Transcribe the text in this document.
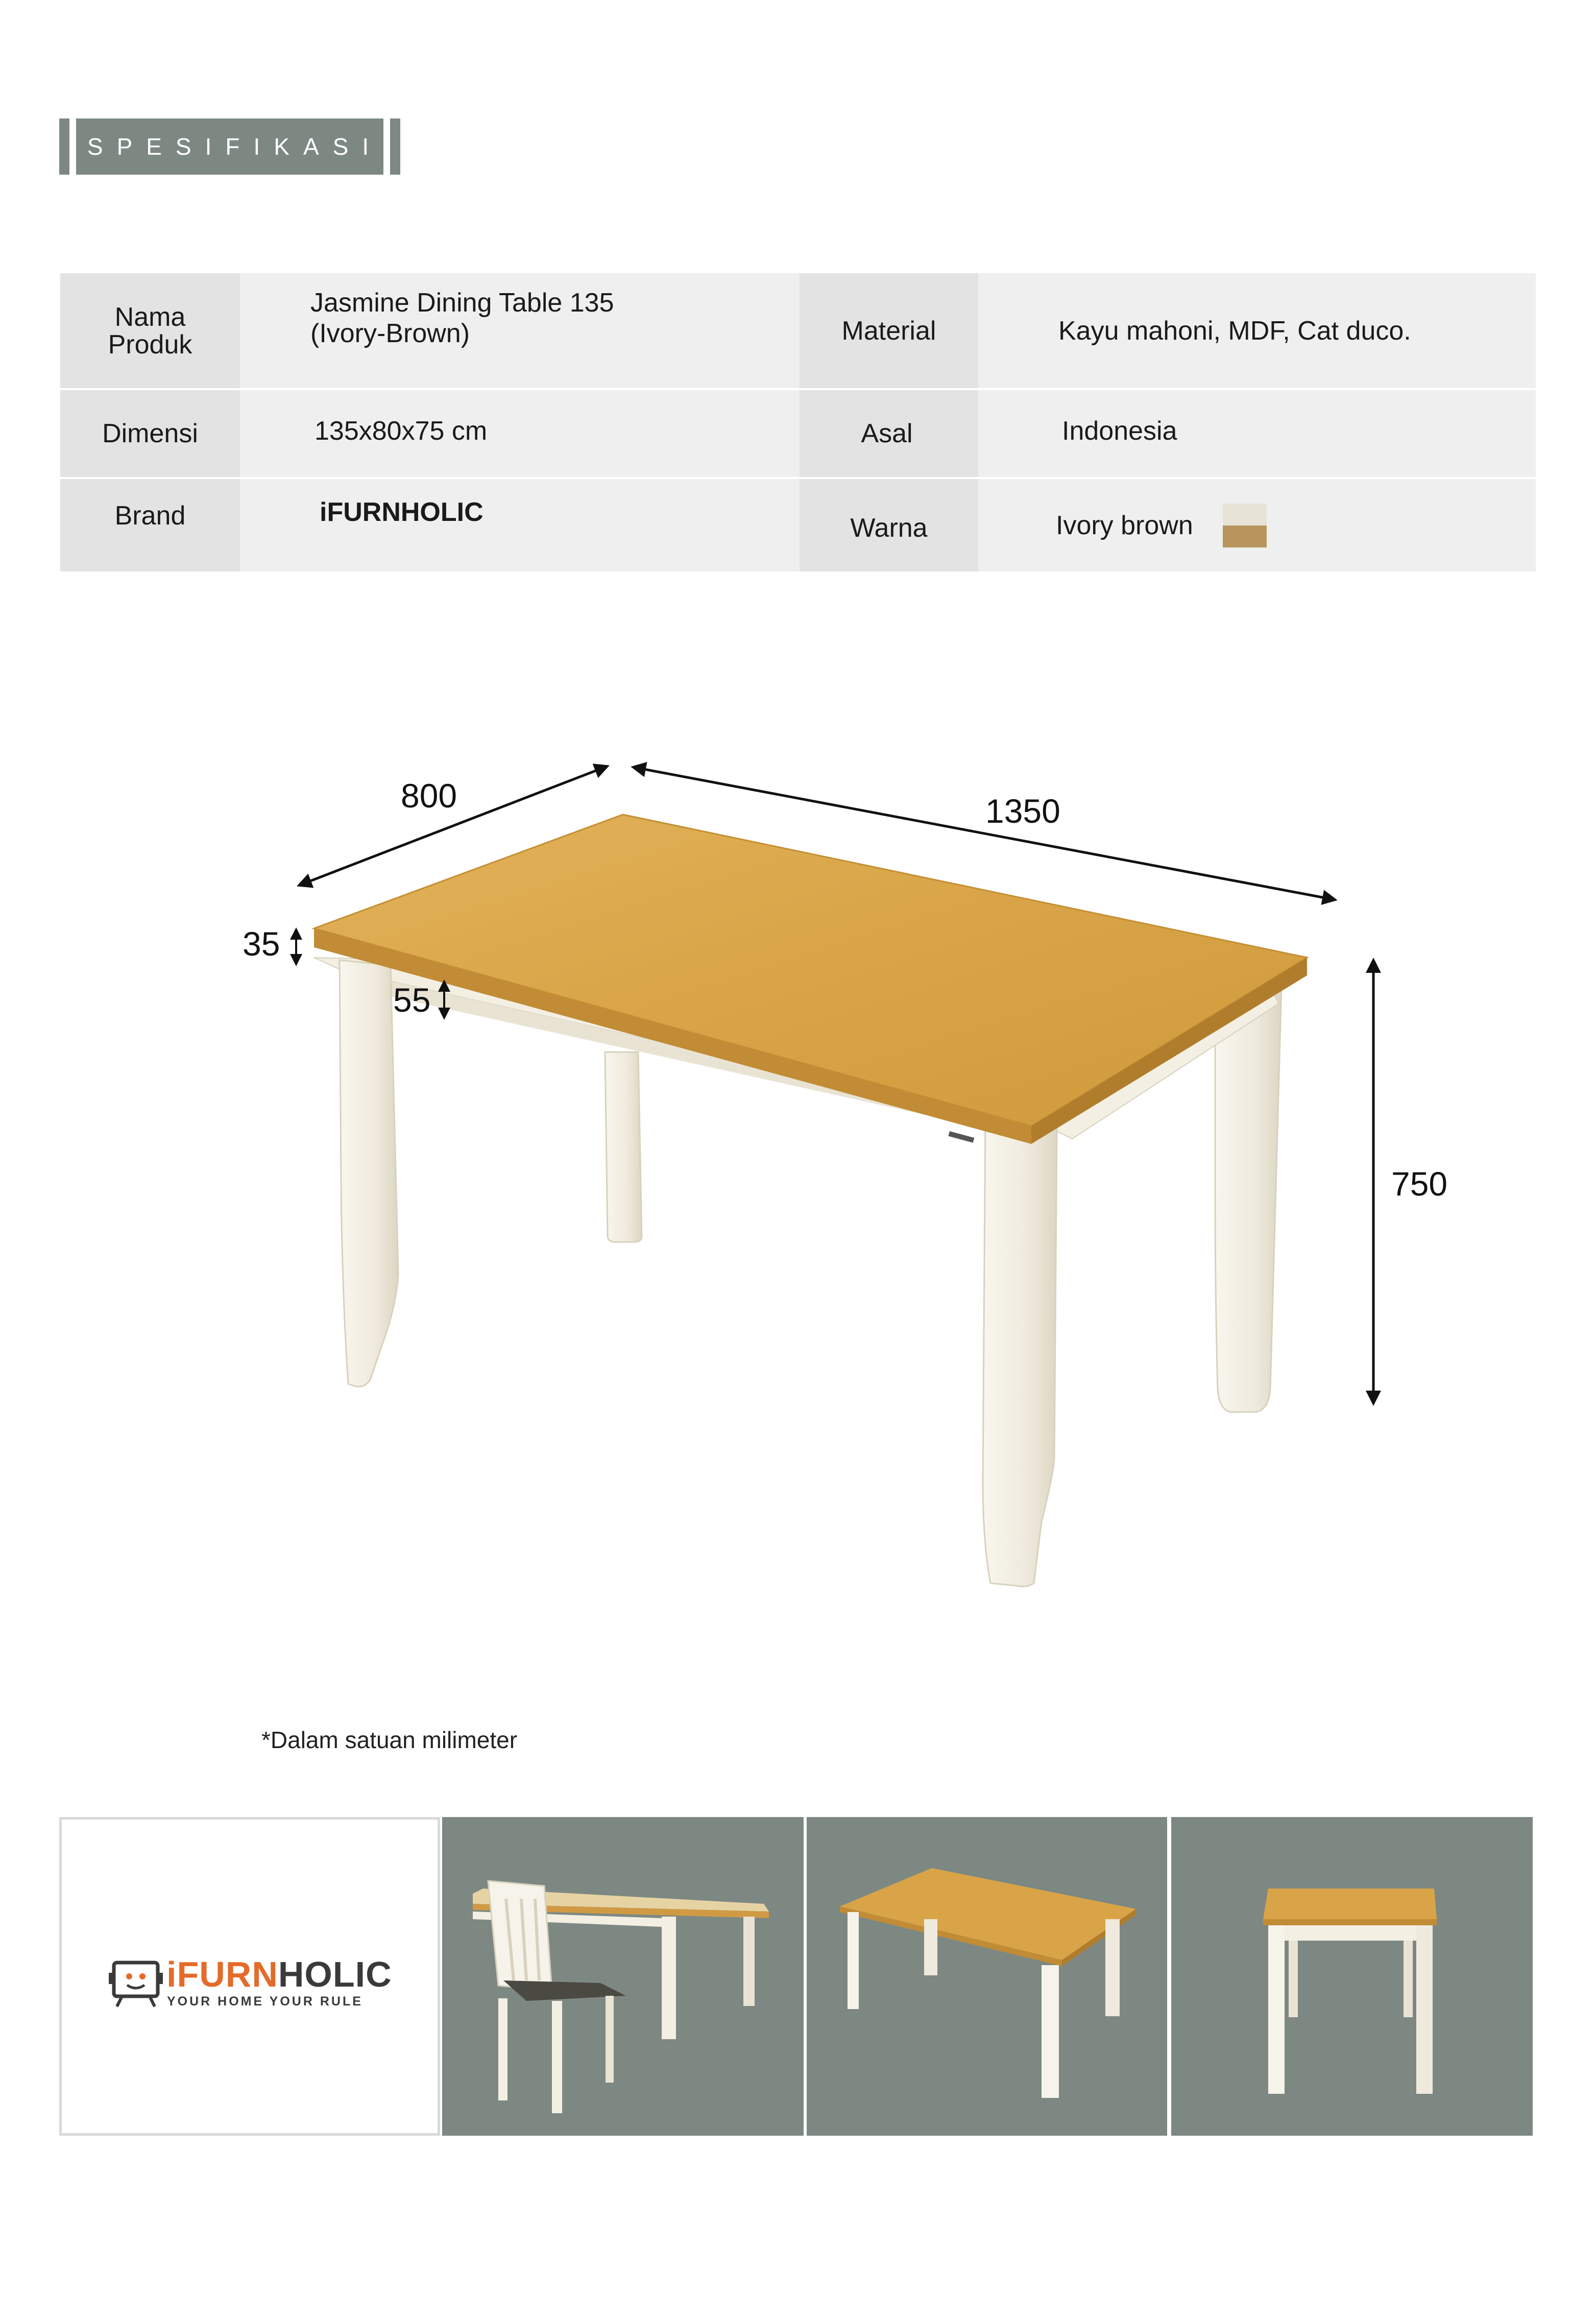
SPESIFIKASI
Nama Produk
Dimensi
Brand
Material
Asal
Warna
Jasmine Dining Table 135 (Ivory-Brown)
135x80x75 cm
iFURNHOLIC
Kayu mahoni, MDF, Cat duco.
Indonesia
Ivory brown
800	1350
35
55
750
*Dalam satuan milimeter
iFURNHOLIC
YOUR HOME YOUR RULE
